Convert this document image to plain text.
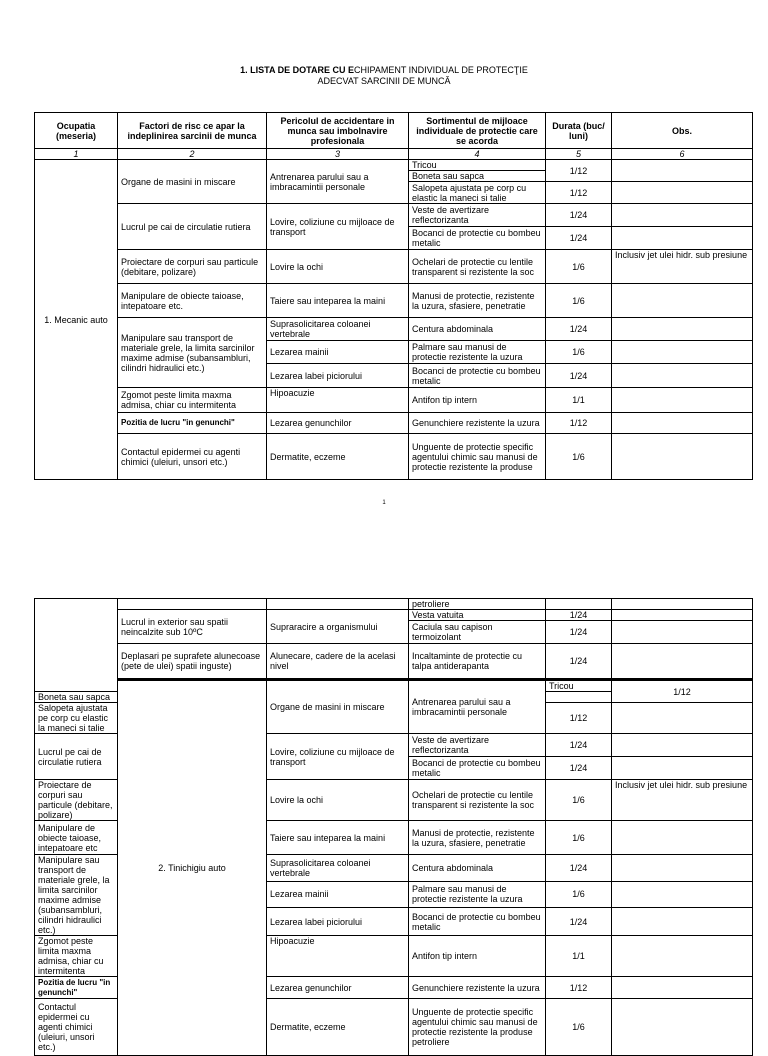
1. LISTA DE DOTARE CU ECHIPAMENT INDIVIDUAL DE PROTECŢIE
ADECVAT SARCINII DE MUNCĂ
Ocupatia (meseria)	Factori de risc ce apar la indeplinirea sarcinii de munca	Pericolul de accidentare in munca sau imbolnavire profesionala	Sortimentul de mijloace individuale de protectie care se acorda	Durata (buc/ luni)	Obs.
1	2	3	4	5	6
1. Mecanic auto	Organe de masini in miscare	Antrenarea parului sau a imbracamintii personale	Tricou	1/12	
			Boneta sau sapca		
			Salopeta ajustata pe corp cu elastic la maneci si talie	1/12	
	Lucrul pe cai de circulatie rutiera	Lovire, coliziune cu mijloace de transport	Veste de avertizare reflectorizanta	1/24	
			Bocanci de protectie cu bombeu metalic	1/24	
	Proiectare de corpuri sau particule (debitare, polizare)	Lovire la ochi	Ochelari de protectie cu lentile transparent si rezistente la soc	1/6	Inclusiv jet ulei hidr. sub presiune
	Manipulare de obiecte taioase, intepatoare etc.	Taiere sau inteparea la maini	Manusi de protectie, rezistente la uzura, sfasiere, penetratie	1/6	
	Manipulare sau transport de materiale grele, la limita sarcinilor maxime admise (subansambluri, cilindri hidraulici etc.)	Suprasolicitarea coloanei vertebrale	Centura abdominala	1/24	
		Lezarea mainii	Palmare sau manusi de protectie rezistente la uzura	1/6	
		Lezarea labei piciorului	Bocanci de protectie cu bombeu metalic	1/24	
	Zgomot peste limita maxma admisa, chiar cu intermitenta	Hipoacuzie	Antifon tip intern	1/1	
	Pozitia de lucru "in genunchi"	Lezarea genunchilor	Genunchiere rezistente la uzura	1/12	
	Contactul epidermei cu agenti chimici (uleiuri, unsori etc.)	Dermatite, eczeme	Unguente de protectie specific agentului chimic sau manusi de protectie rezistente la produse	1/6	
1
			petroliere			
	Lucrul in exterior sau spatii neincalzite sub 10ºC	Supraracire a organismului	Vesta vatuita	1/24		
			Caciula sau capison termoizolant	1/24		
	Deplasari pe suprafete alunecoase (pete de ulei) spatii inguste)	Alunecare, cadere de la acelasi nivel	Incaltaminte de protectie cu talpa antiderapanta	1/24		
	2. Tinichigiu auto	Organe de masini in miscare	Antrenarea parului sau a imbracamintii personale	Tricou	1/12	
Boneta sau sapca						
Salopeta ajustata pe corp cu elastic la maneci si talie				1/12		
Lucrul pe cai de circulatie rutiera		Lovire, coliziune cu mijloace de transport	Veste de avertizare reflectorizanta	1/24		
			Bocanci de protectie cu bombeu metalic	1/24		
Proiectare de corpuri sau particule (debitare, polizare)		Lovire la ochi	Ochelari de protectie cu lentile transparent si rezistente la soc	1/6	Inclusiv jet ulei hidr. sub presiune	
Manipulare de obiecte taioase, intepatoare etc		Taiere sau inteparea la maini	Manusi de protectie, rezistente la uzura, sfasiere, penetratie	1/6		
Manipulare sau transport de materiale grele, la limita sarcinilor maxime admise (subansambluri, cilindri hidraulici etc.)		Suprasolicitarea coloanei vertebrale	Centura abdominala	1/24		
		Lezarea mainii	Palmare sau manusi de protectie rezistente la uzura	1/6		
		Lezarea labei piciorului	Bocanci de protectie cu bombeu metalic	1/24		
Zgomot peste limita maxma admisa, chiar cu intermitenta		Hipoacuzie	Antifon tip intern	1/1		
Pozitia de lucru "in genunchi"		Lezarea genunchilor	Genunchiere rezistente la uzura	1/12		
Contactul epidermei cu agenti chimici (uleiuri, unsori etc.)		Dermatite, eczeme	Unguente de protectie specific agentului chimic sau manusi de protectie rezistente la produse petroliere	1/6		
